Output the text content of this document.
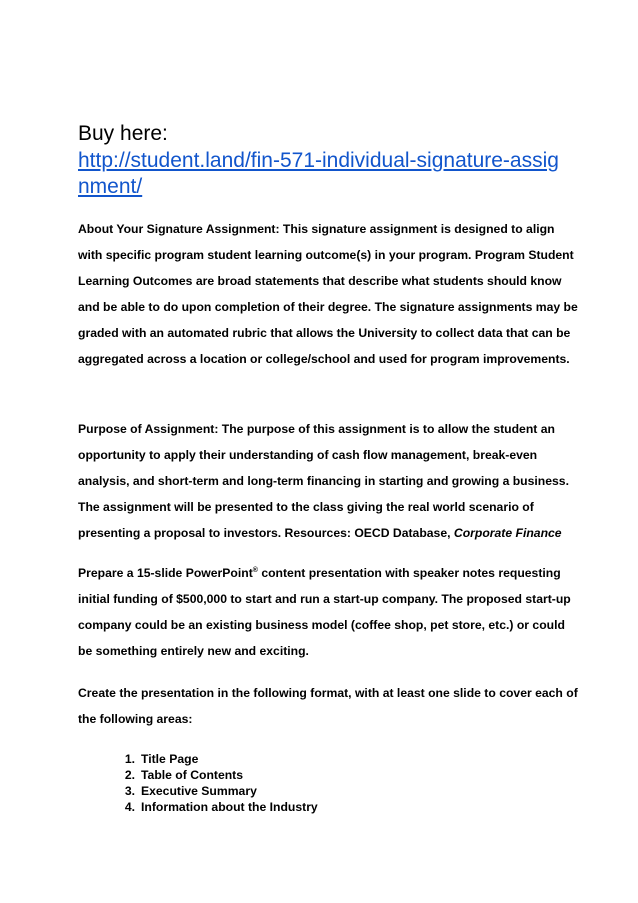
Buy here:

http://student.land/fin-571-individual-signature-assignment/

About Your Signature Assignment: This signature assignment is designed to align with specific program student learning outcome(s) in your program. Program Student Learning Outcomes are broad statements that describe what students should know and be able to do upon completion of their degree. The signature assignments may be graded with an automated rubric that allows the University to collect data that can be aggregated across a location or college/school and used for program improvements.

Purpose of Assignment: The purpose of this assignment is to allow the student an opportunity to apply their understanding of cash flow management, break-even analysis, and short-term and long-term financing in starting and growing a business. The assignment will be presented to the class giving the real world scenario of presenting a proposal to investors. Resources: OECD Database, Corporate Finance

Prepare a 15-slide PowerPoint® content presentation with speaker notes requesting initial funding of $500,000 to start and run a start-up company. The proposed start-up company could be an existing business model (coffee shop, pet store, etc.) or could be something entirely new and exciting.

Create the presentation in the following format, with at least one slide to cover each of the following areas:

1. Title Page
2. Table of Contents
3. Executive Summary
4. Information about the Industry
